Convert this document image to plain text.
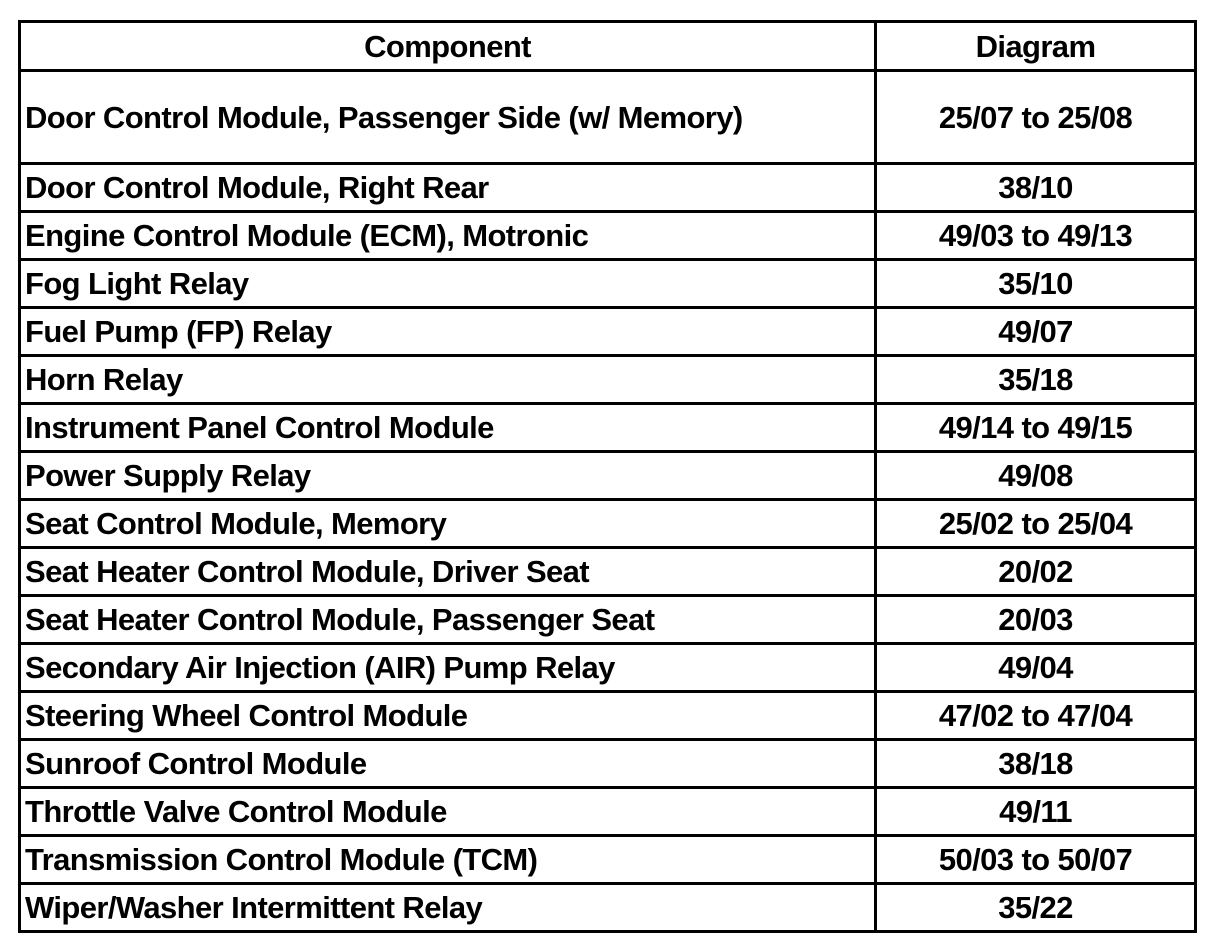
Component	Diagram
Door Control Module, Passenger Side (w/ Memory)	25/07 to 25/08
Door Control Module, Right Rear	38/10
Engine Control Module (ECM), Motronic	49/03 to 49/13
Fog Light Relay	35/10
Fuel Pump (FP) Relay	49/07
Horn Relay	35/18
Instrument Panel Control Module	49/14 to 49/15
Power Supply Relay	49/08
Seat Control Module, Memory	25/02 to 25/04
Seat Heater Control Module, Driver Seat	20/02
Seat Heater Control Module, Passenger Seat	20/03
Secondary Air Injection (AIR) Pump Relay	49/04
Steering Wheel Control Module	47/02 to 47/04
Sunroof Control Module	38/18
Throttle Valve Control Module	49/11
Transmission Control Module (TCM)	50/03 to 50/07
Wiper/Washer Intermittent Relay	35/22
